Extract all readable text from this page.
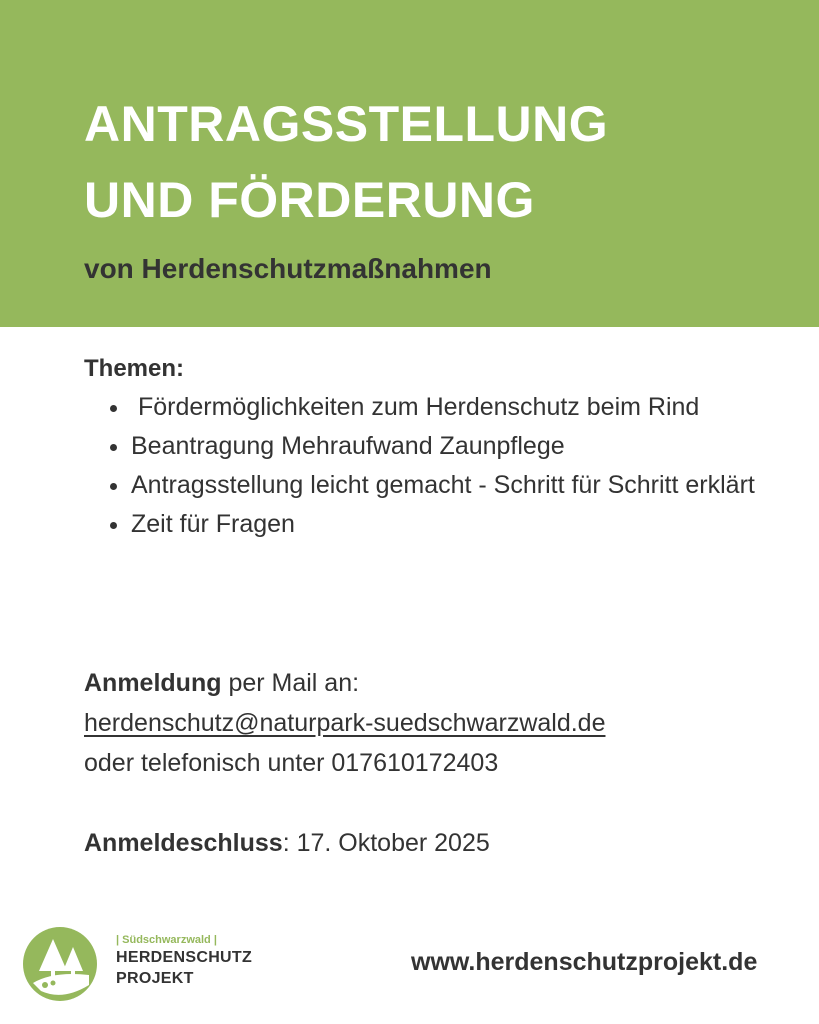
ANTRAGSSTELLUNG
UND FÖRDERUNG

von Herdenschutzmaßnahmen

Themen:

•  Fördermöglichkeiten zum Herdenschutz beim Rind
• Beantragung Mehraufwand Zaunpflege
• Antragsstellung leicht gemacht - Schritt für Schritt erklärt
• Zeit für Fragen

Anmeldung per Mail an:

herdenschutz@naturpark-suedschwarzwald.de

oder telefonisch unter 017610172403

Anmeldeschluss: 17. Oktober 2025

| Südschwarzwald |

HERDENSCHUTZ

PROJEKT

www.herdenschutzprojekt.de
